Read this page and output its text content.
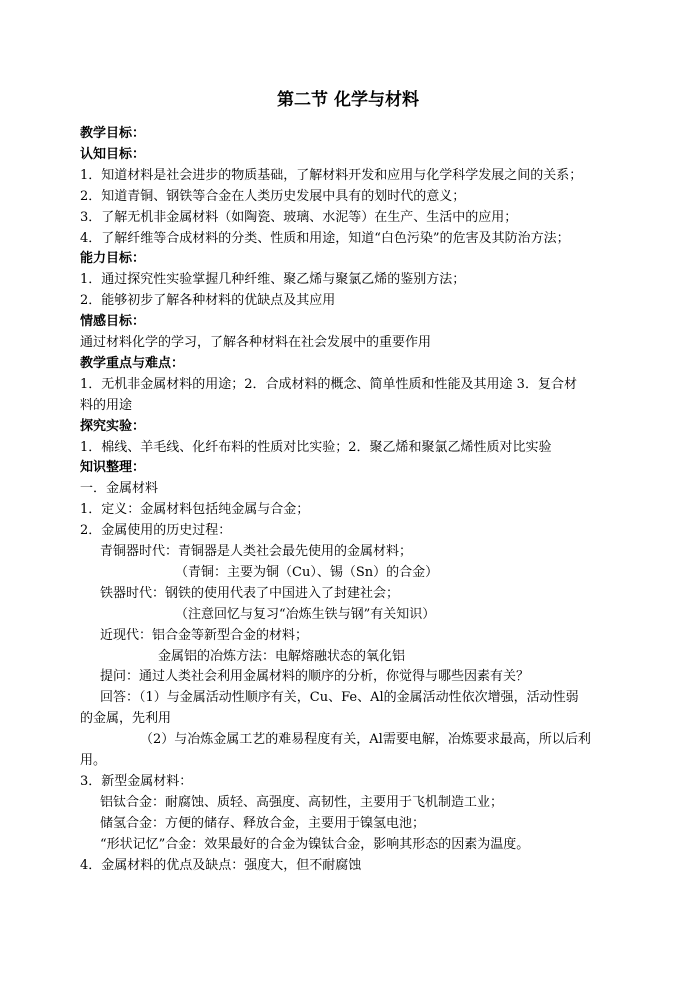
第二节 化学与材料
教学目标：
认知目标：
1．知道材料是社会进步的物质基础，了解材料开发和应用与化学科学发展之间的关系；
2．知道青铜、钢铁等合金在人类历史发展中具有的划时代的意义；
3．了解无机非金属材料（如陶瓷、玻璃、水泥等）在生产、生活中的应用；
4．了解纤维等合成材料的分类、性质和用途，知道“白色污染”的危害及其防治方法；
能力目标：
1．通过探究性实验掌握几种纤维、聚乙烯与聚氯乙烯的鉴别方法；
2．能够初步了解各种材料的优缺点及其应用
情感目标：
通过材料化学的学习，了解各种材料在社会发展中的重要作用
教学重点与难点：
1．无机非金属材料的用途；2．合成材料的概念、简单性质和性能及其用途 3．复合材
料的用途
探究实验：
1．棉线、羊毛线、化纤布料的性质对比实验；2．聚乙烯和聚氯乙烯性质对比实验
知识整理：
一．金属材料
1．定义：金属材料包括纯金属与合金；
2．金属使用的历史过程：
青铜器时代：青铜器是人类社会最先使用的金属材料；
（青铜：主要为铜（Cu）、锡（Sn）的合金）
铁器时代：钢铁的使用代表了中国进入了封建社会；
（注意回忆与复习“冶炼生铁与钢”有关知识）
近现代：铝合金等新型合金的材料；
金属铝的冶炼方法：电解熔融状态的氧化铝
提问：通过人类社会利用金属材料的顺序的分析，你觉得与哪些因素有关？
回答：（1）与金属活动性顺序有关，Cu、Fe、Al的金属活动性依次增强，活动性弱
的金属，先利用
（2）与冶炼金属工艺的难易程度有关，Al需要电解，冶炼要求最高，所以后利
用。
3．新型金属材料：
铝钛合金：耐腐蚀、质轻、高强度、高韧性，主要用于飞机制造工业；
储氢合金：方便的储存、释放合金，主要用于镍氢电池；
“形状记忆”合金：效果最好的合金为镍钛合金，影响其形态的因素为温度。
4．金属材料的优点及缺点：强度大，但不耐腐蚀
